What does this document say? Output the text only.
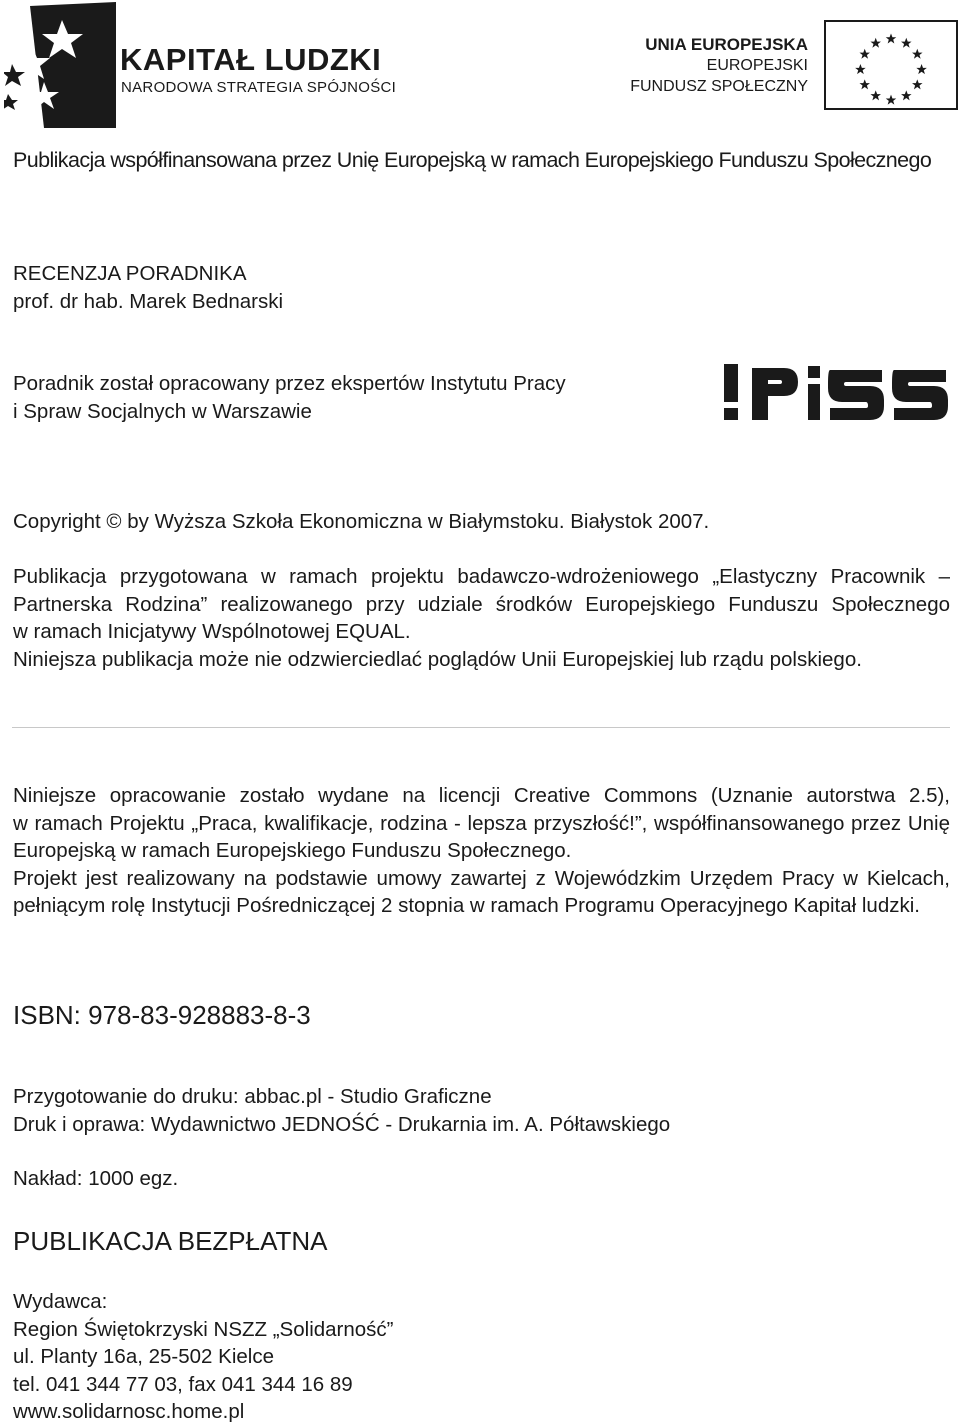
KAPITAŁ LUDZKI
NARODOWA STRATEGIA SPÓJNOŚCI
UNIA EUROPEJSKA
EUROPEJSKI
FUNDUSZ SPOŁECZNY
Publikacja współfinansowana przez Unię Europejską w ramach Europejskiego Funduszu Społecznego
RECENZJA PORADNIKA
prof. dr hab. Marek Bednarski
Poradnik został opracowany przez ekspertów Instytutu Pracy
i Spraw Socjalnych w Warszawie
Copyright © by Wyższa Szkoła Ekonomiczna w Białymstoku. Białystok 2007.
Publikacja przygotowana w ramach projektu badawczo-wdrożeniowego „Elastyczny Pracownik –
Partnerska Rodzina” realizowanego przy udziale środków Europejskiego Funduszu Społecznego
w ramach Inicjatywy Wspólnotowej EQUAL.
Niniejsza publikacja może nie odzwierciedlać poglądów Unii Europejskiej lub rządu polskiego.
Niniejsze opracowanie zostało wydane na licencji Creative Commons (Uznanie autorstwa 2.5),
w ramach Projektu „Praca, kwalifikacje, rodzina - lepsza przyszłość!”, współfinansowanego przez Unię
Europejską w ramach Europejskiego Funduszu Społecznego.
Projekt jest realizowany na podstawie umowy zawartej z Wojewódzkim Urzędem Pracy w Kielcach,
pełniącym rolę Instytucji Pośredniczącej 2 stopnia w ramach Programu Operacyjnego Kapitał ludzki.
ISBN: 978-83-928883-8-3
Przygotowanie do druku: abbac.pl - Studio Graficzne
Druk i oprawa: Wydawnictwo JEDNOŚĆ - Drukarnia im. A. Półtawskiego
Nakład: 1000 egz.
PUBLIKACJA BEZPŁATNA
Wydawca:
Region Świętokrzyski NSZZ „Solidarność”
ul. Planty 16a, 25-502 Kielce
tel. 041 344 77 03, fax 041 344 16 89
www.solidarnosc.home.pl
